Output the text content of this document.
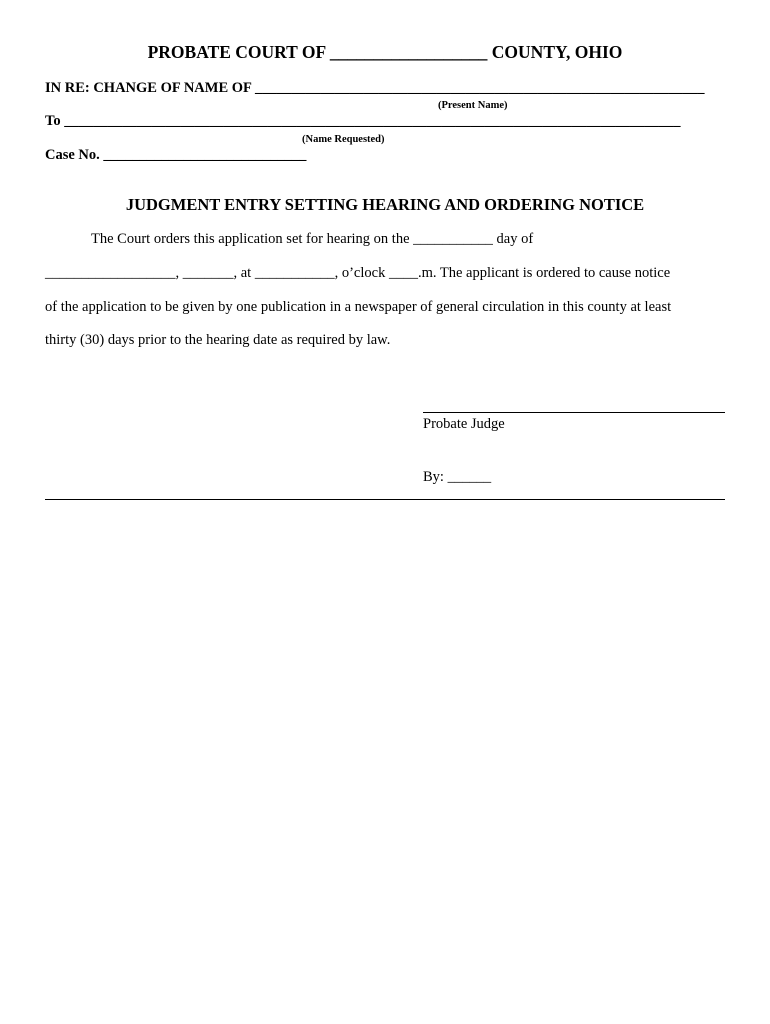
PROBATE COURT OF __________________ COUNTY, OHIO
IN RE: CHANGE OF NAME OF ______________________________________________________________
(Present Name)
To _____________________________________________________________________________________
(Name Requested)
Case No. ____________________________
JUDGMENT ENTRY SETTING HEARING AND ORDERING NOTICE
The Court orders this application set for hearing on the ___________ day of
__________________, _______, at ___________, o’clock ____.m. The applicant is ordered to cause notice
of the application to be given by one publication in a newspaper of general circulation in this county at least
thirty (30) days prior to the hearing date as required by law.
Probate Judge
By: ______
